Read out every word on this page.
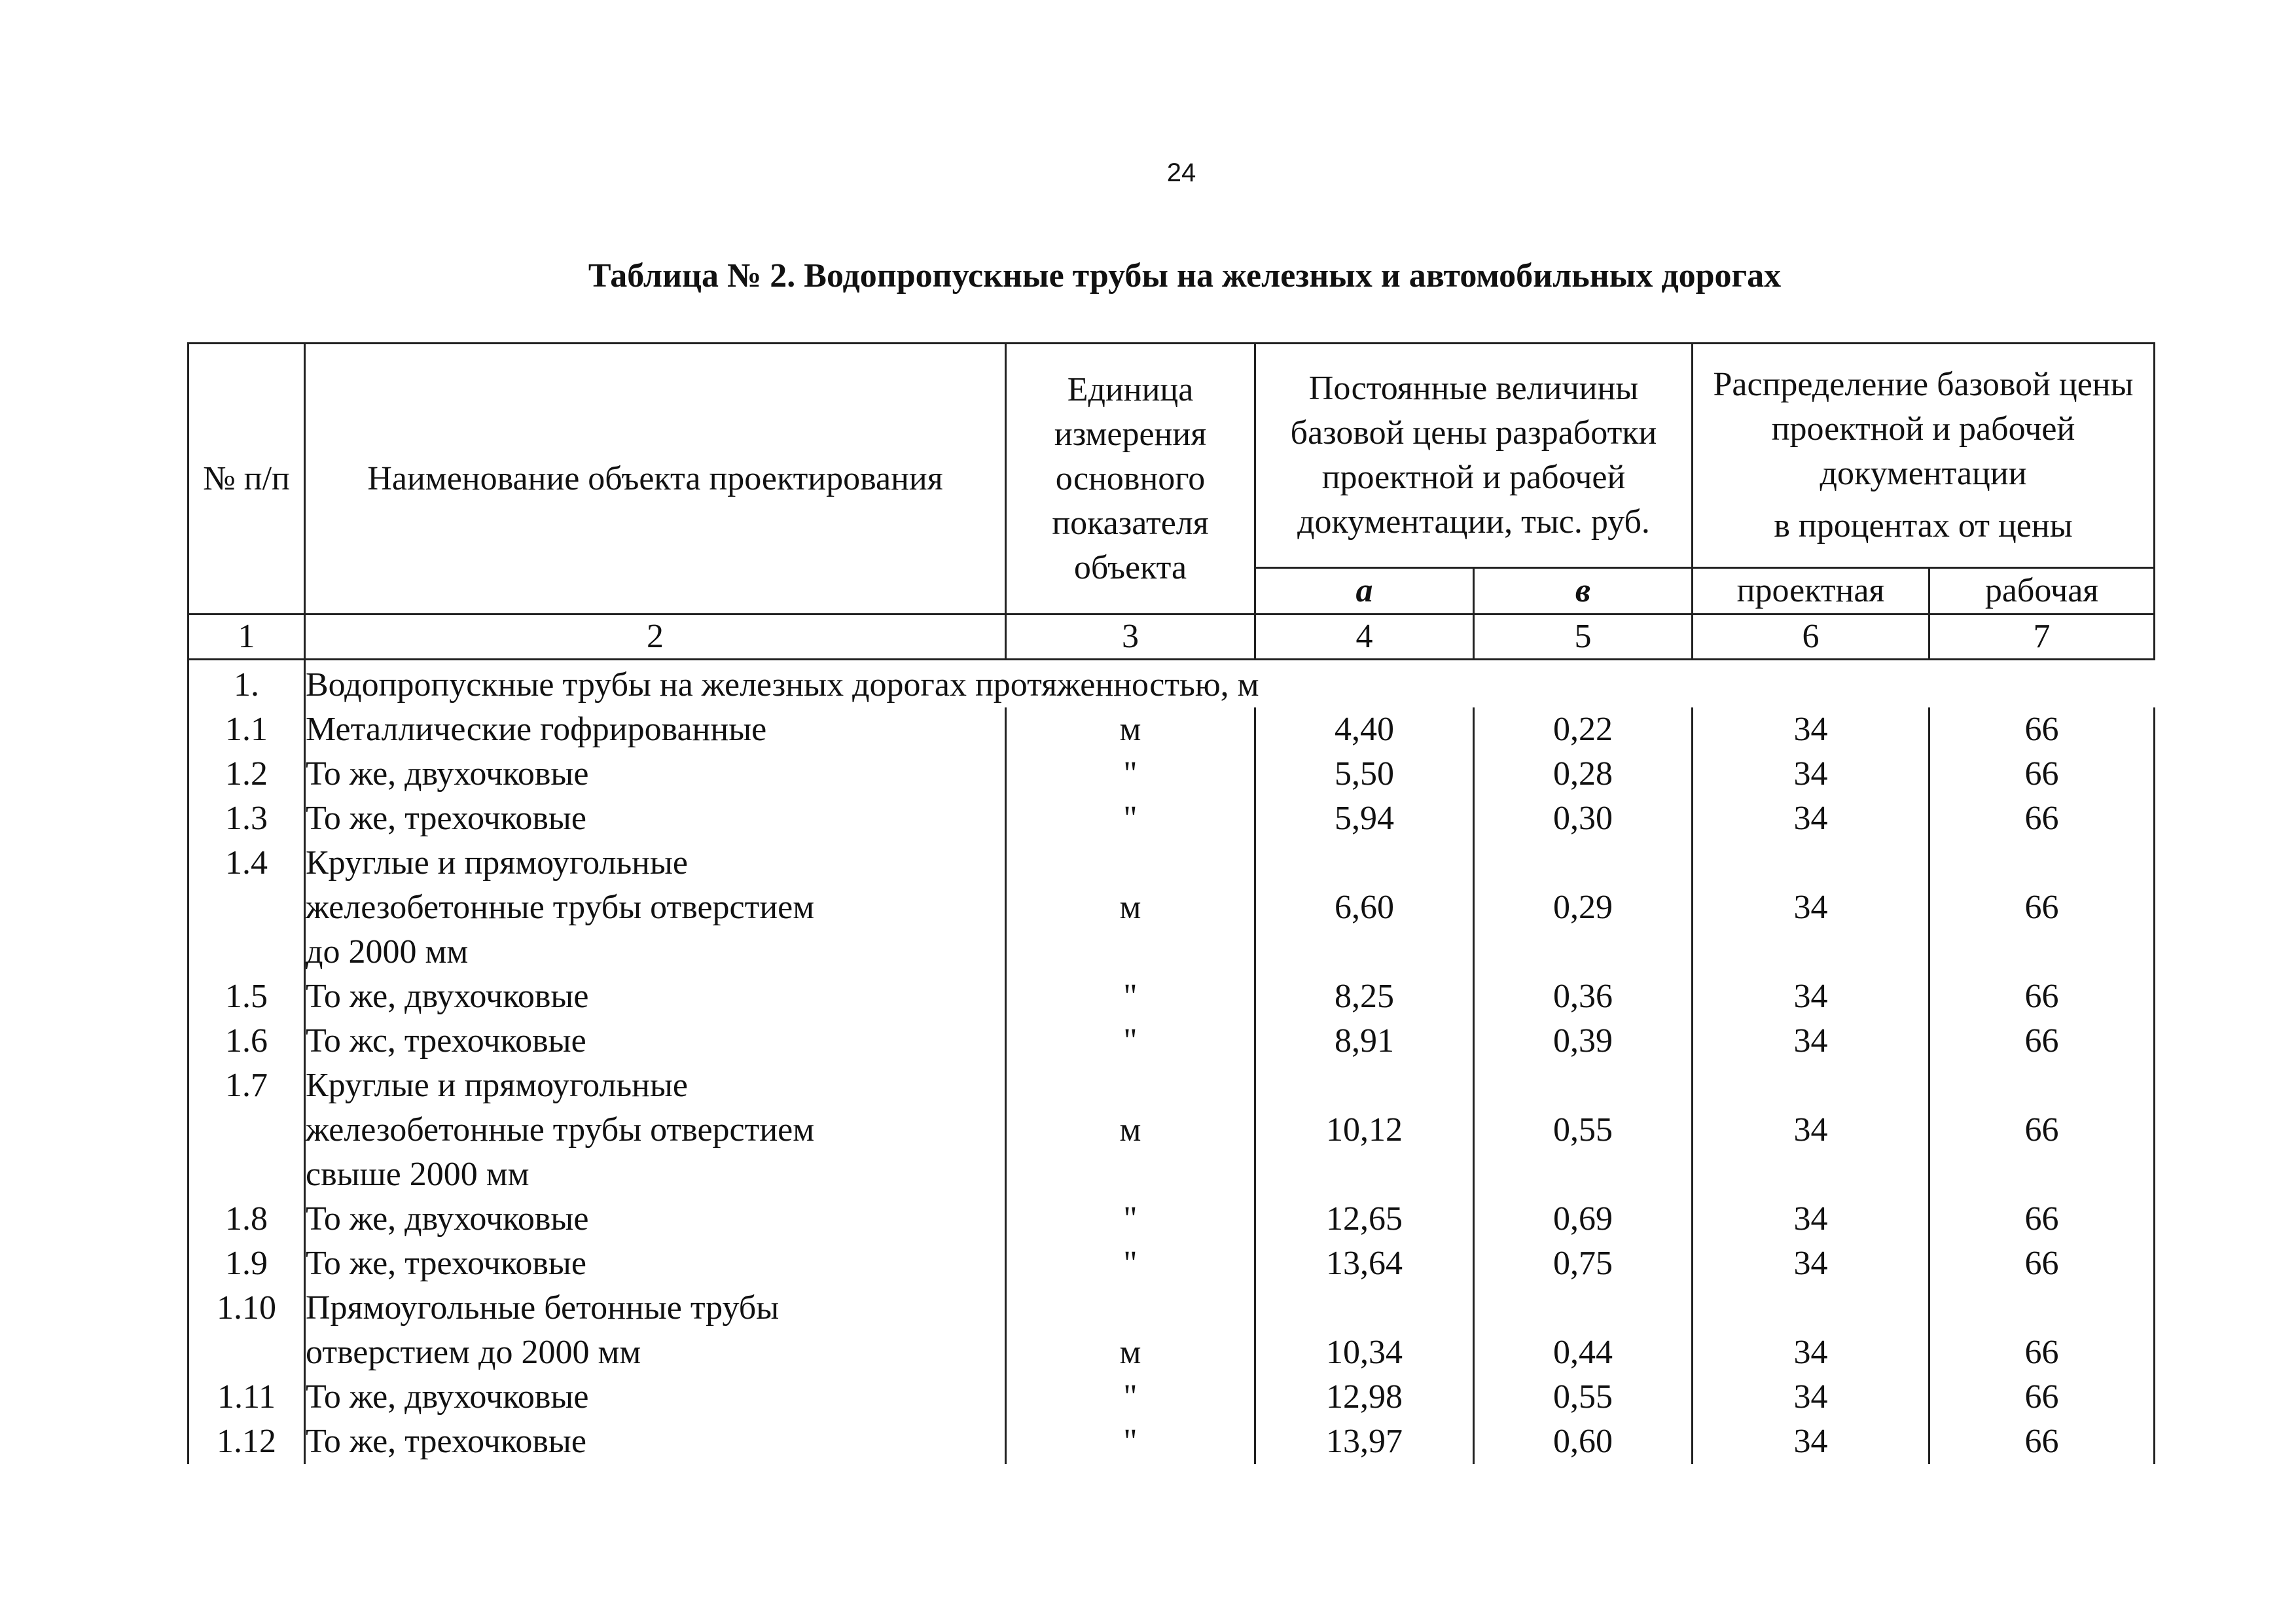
24
Таблица № 2. Водопропускные трубы на железных и автомобильных дорогах
№ п/п	Наименование объекта проектирования	Единица измерения основного показателя объекта	Постоянные величины базовой цены разработки проектной и рабочей документации, тыс. руб.		Распределение базовой цены проектной и рабочей документации
в процентах от цены	

			а	в	проектная	рабочая
1	2	3	4	5	6	7
1.	Водопропускные трубы на железных дорогах протяженностью, м					
1.1	Металлические гофрированные	м	4,40	0,22	34	66
1.2	То же, двухочковые	"	5,50	0,28	34	66
1.3	То же, трехочковые	"	5,94	0,30	34	66
1.4	Круглые и прямоугольные
железобетонные трубы отверстием
до 2000 мм	м	6,60	0,29	34	66
1.5	То же, двухочковые	"	8,25	0,36	34	66
1.6	То жс, трехочковые	"	8,91	0,39	34	66
1.7	Круглые и прямоугольные
железобетонные трубы отверстием
свыше 2000 мм	м	10,12	0,55	34	66
1.8	То же, двухочковые	"	12,65	0,69	34	66
1.9	То же, трехочковые	"	13,64	0,75	34	66
1.10	Прямоугольные бетонные трубы
отверстием до 2000 мм	м	10,34	0,44	34	66
1.11	То же, двухочковые	"	12,98	0,55	34	66
1.12	То же, трехочковые	"	13,97	0,60	34	66
